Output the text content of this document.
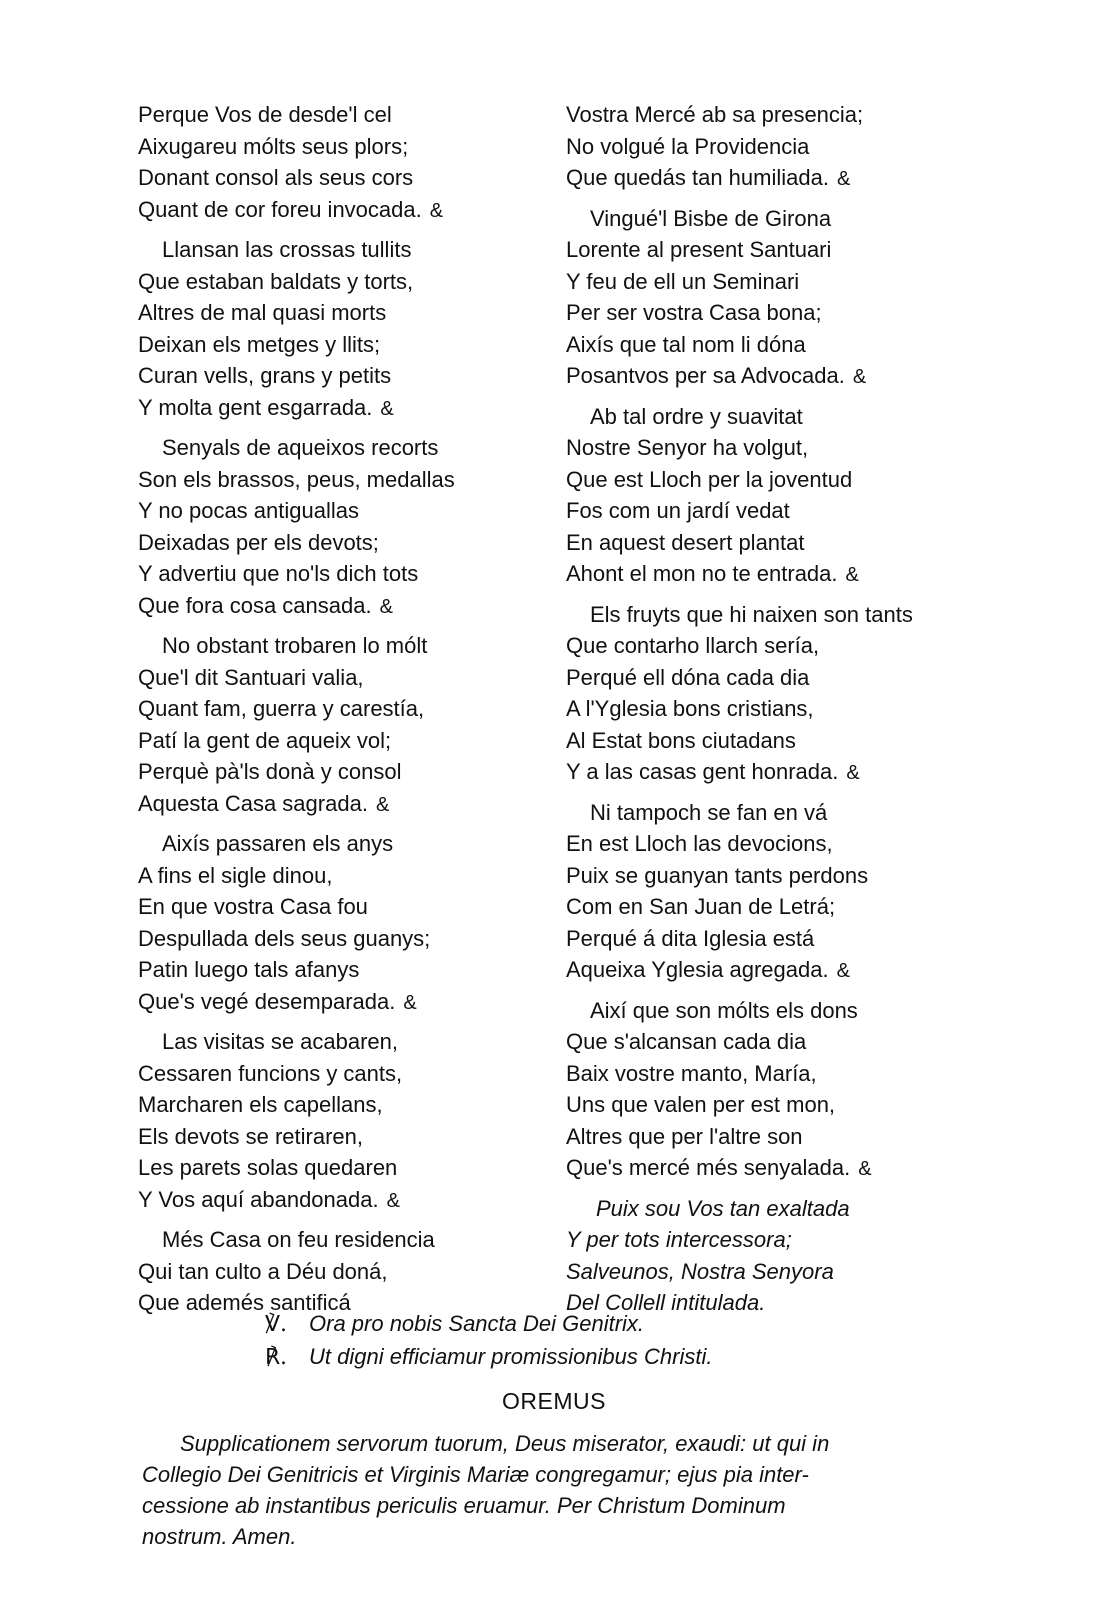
Perque Vos de desde'l cel
Aixugareu mólts seus plors;
Donant consol als seus cors
Quant de cor foreu invocada. &
Llansan las crossas tullits
Que estaban baldats y torts,
Altres de mal quasi morts
Deixan els metges y llits;
Curan vells, grans y petits
Y molta gent esgarrada. &
Senyals de aqueixos recorts
Son els brassos, peus, medallas
Y no pocas antiguallas
Deixadas per els devots;
Y advertiu que no'ls dich tots
Que fora cosa cansada. &
No obstant trobaren lo mólt
Que'l dit Santuari valia,
Quant fam, guerra y carestía,
Patí la gent de aqueix vol;
Perquè pà'ls donà y consol
Aquesta Casa sagrada. &
Aixís passaren els anys
A fins el sigle dinou,
En que vostra Casa fou
Despullada dels seus guanys;
Patin luego tals afanys
Que's vegé desemparada. &
Las visitas se acabaren,
Cessaren funcions y cants,
Marcharen els capellans,
Els devots se retiraren,
Les parets solas quedaren
Y Vos aquí abandonada. &
Més Casa on feu residencia
Qui tan culto a Déu doná,
Que ademés santificá
Vostra Mercé ab sa presencia;
No volgué la Providencia
Que quedás tan humiliada. &
Vingué'l Bisbe de Girona
Lorente al present Santuari
Y feu de ell un Seminari
Per ser vostra Casa bona;
Aixís que tal nom li dóna
Posantvos per sa Advocada. &
Ab tal ordre y suavitat
Nostre Senyor ha volgut,
Que est Lloch per la joventud
Fos com un jardí vedat
En aquest desert plantat
Ahont el mon no te entrada. &
Els fruyts que hi naixen son tants
Que contarho llarch sería,
Perqué ell dóna cada dia
A l'Yglesia bons cristians,
Al Estat bons ciutadans
Y a las casas gent honrada. &
Ni tampoch se fan en vá
En est Lloch las devocions,
Puix se guanyan tants perdons
Com en San Juan de Letrá;
Perqué á dita Iglesia está
Aqueixa Yglesia agregada. &
Així que son mólts els dons
Que s'alcansan cada dia
Baix vostre manto, María,
Uns que valen per est mon,
Altres que per l'altre son
Que's mercé més senyalada. &
Puix sou Vos tan exaltada
Y per tots intercessora;
Salveunos, Nostra Senyora
Del Collell intitulada.
℣. Ora pro nobis Sancta Dei Genitrix.
℟. Ut digni efficiamur promissionibus Christi.
OREMUS
Supplicationem servorum tuorum, Deus miserator, exaudi: ut qui in
Collegio Dei Genitricis et Virginis Mariæ congregamur; ejus pia inter-
cessione ab instantibus periculis eruamur. Per Christum Dominum
nostrum. Amen.
